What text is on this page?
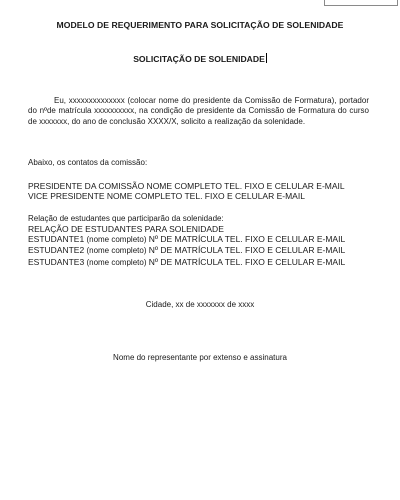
MODELO DE REQUERIMENTO PARA SOLICITAÇÃO DE SOLENIDADE
SOLICITAÇÃO DE SOLENIDADE
Eu, xxxxxxxxxxxxxx (colocar nome do presidente da Comissão de Formatura), portador do nºde matrícula xxxxxxxxxx, na condição de presidente da Comissão de Formatura do curso de xxxxxxx, do ano de conclusão XXXX/X, solicito a realização da solenidade.
Abaixo, os contatos da comissão:
PRESIDENTE DA COMISSÃO NOME COMPLETO TEL. FIXO E CELULAR E-MAIL
VICE PRESIDENTE NOME COMPLETO TEL. FIXO E CELULAR E-MAIL
Relação de estudantes que participarão da solenidade:
RELAÇÃO DE ESTUDANTES PARA SOLENIDADE
ESTUDANTE1 (nome completo) Nº DE MATRÍCULA TEL. FIXO E CELULAR E-MAIL
ESTUDANTE2 (nome completo) Nº DE MATRÍCULA TEL. FIXO E CELULAR E-MAIL
ESTUDANTE3 (nome completo) Nº DE MATRÍCULA TEL. FIXO E CELULAR E-MAIL
Cidade, xx de xxxxxxx de xxxx
Nome do representante por extenso e assinatura
